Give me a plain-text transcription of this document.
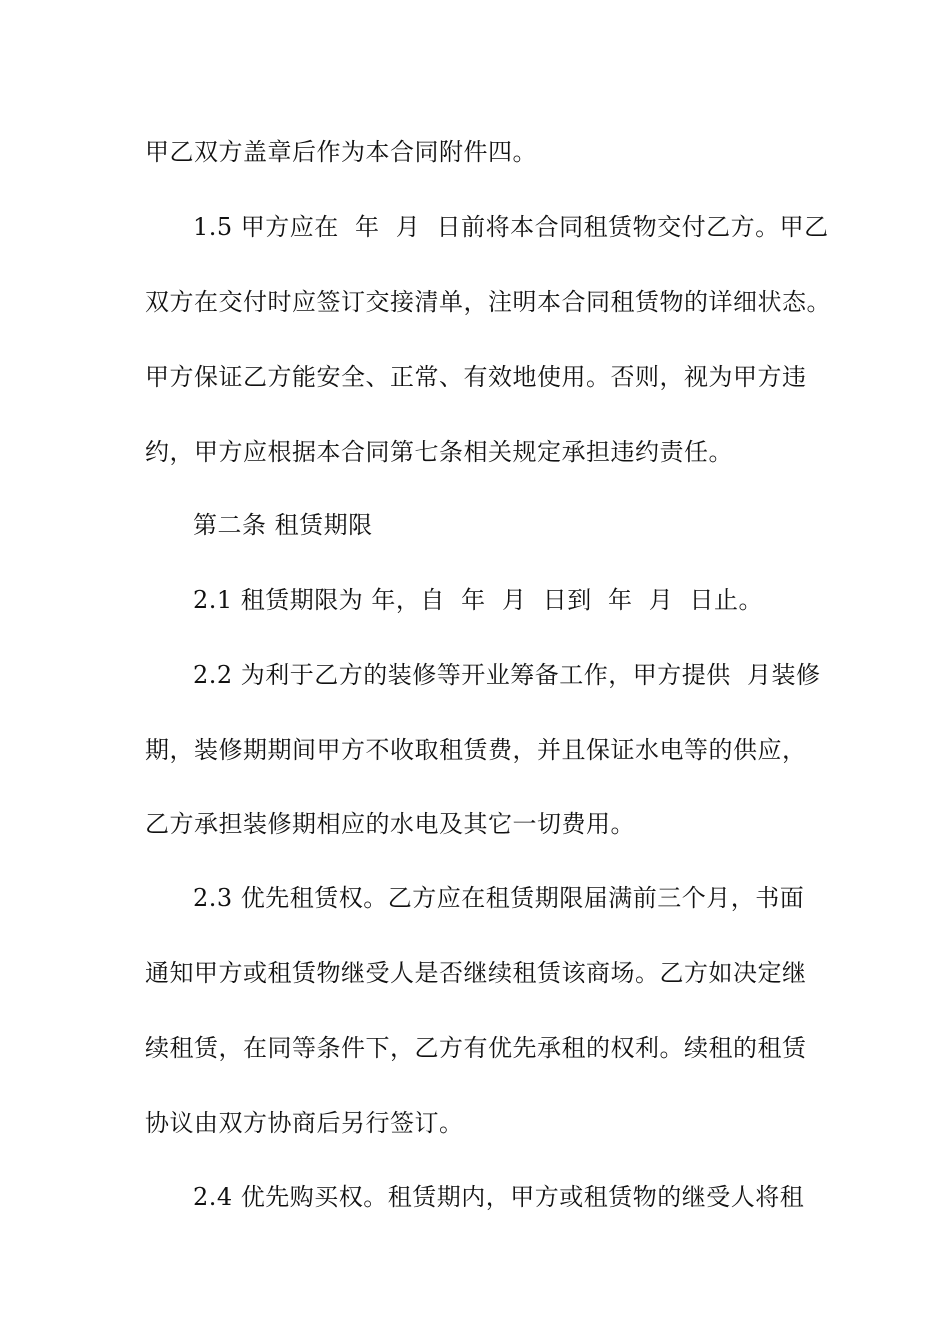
甲乙双方盖章后作为本合同附件四。
1.5 甲方应在  年  月  日前将本合同租赁物交付乙方。甲乙
双方在交付时应签订交接清单，注明本合同租赁物的详细状态。
甲方保证乙方能安全、正常、有效地使用。否则，视为甲方违
约，甲方应根据本合同第七条相关规定承担违约责任。
第二条 租赁期限
2.1 租赁期限为 年，自  年  月  日到  年  月  日止。
2.2 为利于乙方的装修等开业筹备工作，甲方提供  月装修
期，装修期期间甲方不收取租赁费，并且保证水电等的供应，
乙方承担装修期相应的水电及其它一切费用。
2.3 优先租赁权。乙方应在租赁期限届满前三个月，书面
通知甲方或租赁物继受人是否继续租赁该商场。乙方如决定继
续租赁，在同等条件下，乙方有优先承租的权利。续租的租赁
协议由双方协商后另行签订。
2.4 优先购买权。租赁期内，甲方或租赁物的继受人将租
